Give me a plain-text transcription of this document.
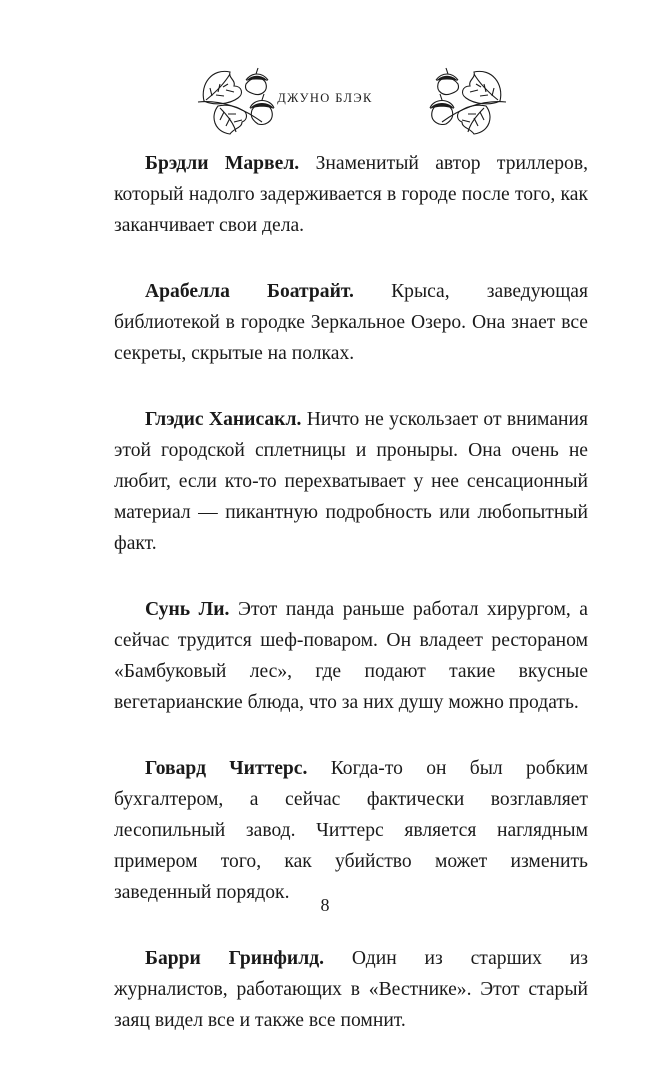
ДЖУНО БЛЭК

Брэдли Марвел. Знаменитый автор триллеров, который надолго задерживается в городе после того, как заканчивает свои дела.

Арабелла Боатрайт. Крыса, заведующая библиотекой в городке Зеркальное Озеро. Она знает все секреты, скрытые на полках.

Глэдис Ханисакл. Ничто не ускользает от внимания этой городской сплетницы и проныры. Она очень не любит, если кто-то перехватывает у нее сенсационный материал — пикантную подробность или любопытный факт.

Сунь Ли. Этот панда раньше работал хирургом, а сейчас трудится шеф-поваром. Он владеет рестораном «Бамбуковый лес», где подают такие вкусные вегетарианские блюда, что за них душу можно продать.

Говард Читтерс. Когда-то он был робким бухгалтером, а сейчас фактически возглавляет лесопильный завод. Читтерс является наглядным примером того, как убийство может изменить заведенный порядок.

Барри Гринфилд. Один из старших из журналистов, работающих в «Вестнике». Этот старый заяц видел все и также все помнит.

8
